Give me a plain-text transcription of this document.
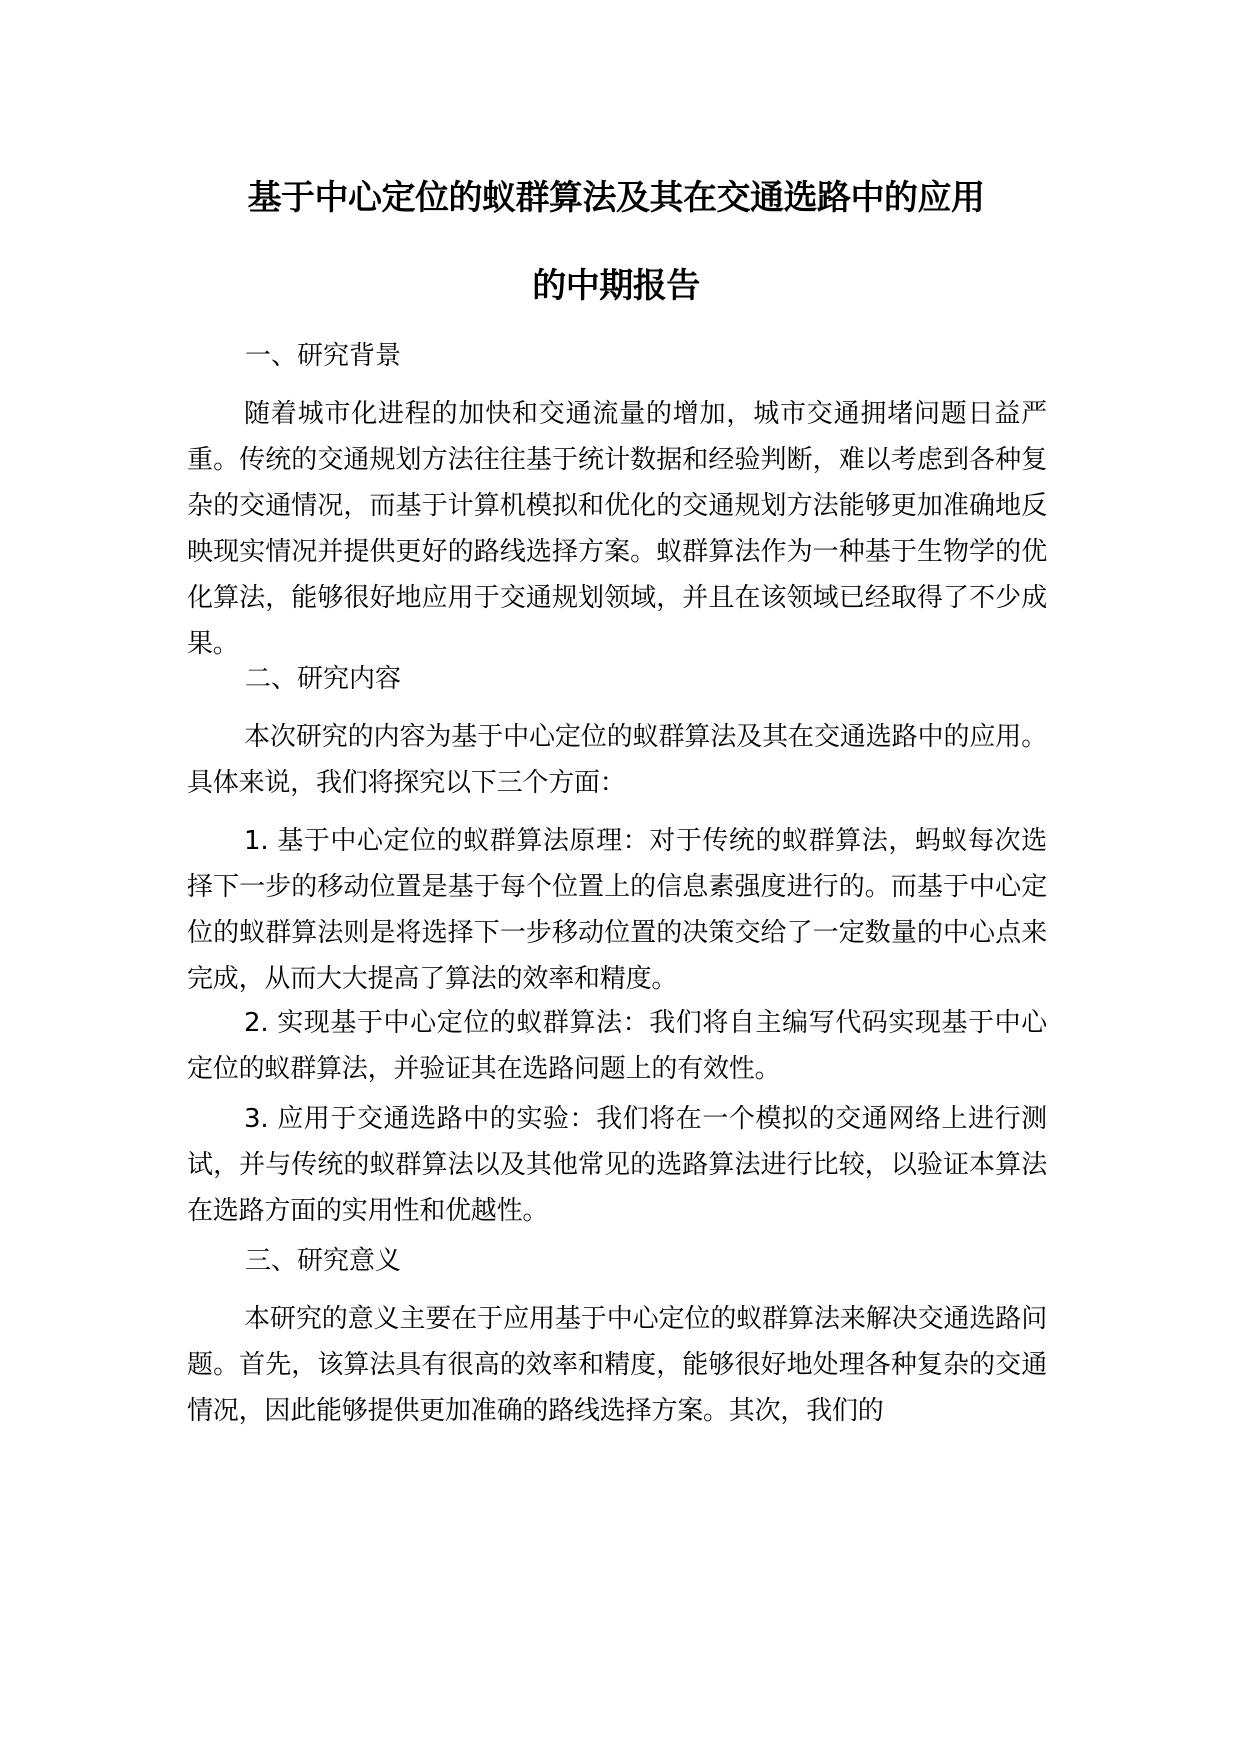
基于中心定位的蚁群算法及其在交通选路中的应用
的中期报告
一、研究背景

随着城市化进程的加快和交通流量的增加，城市交通拥堵问题日益严重。传统的交通规划方法往往基于统计数据和经验判断，难以考虑到各种复杂的交通情况，而基于计算机模拟和优化的交通规划方法能够更加准确地反映现实情况并提供更好的路线选择方案。蚁群算法作为一种基于生物学的优化算法，能够很好地应用于交通规划领域，并且在该领域已经取得了不少成果。

二、研究内容

本次研究的内容为基于中心定位的蚁群算法及其在交通选路中的应用。具体来说，我们将探究以下三个方面：

1. 基于中心定位的蚁群算法原理：对于传统的蚁群算法，蚂蚁每次选择下一步的移动位置是基于每个位置上的信息素强度进行的。而基于中心定位的蚁群算法则是将选择下一步移动位置的决策交给了一定数量的中心点来完成，从而大大提高了算法的效率和精度。

2. 实现基于中心定位的蚁群算法：我们将自主编写代码实现基于中心定位的蚁群算法，并验证其在选路问题上的有效性。

3. 应用于交通选路中的实验：我们将在一个模拟的交通网络上进行测试，并与传统的蚁群算法以及其他常见的选路算法进行比较，以验证本算法在选路方面的实用性和优越性。

三、研究意义

本研究的意义主要在于应用基于中心定位的蚁群算法来解决交通选路问题。首先，该算法具有很高的效率和精度，能够很好地处理各种复杂的交通情况，因此能够提供更加准确的路线选择方案。其次，我们的
